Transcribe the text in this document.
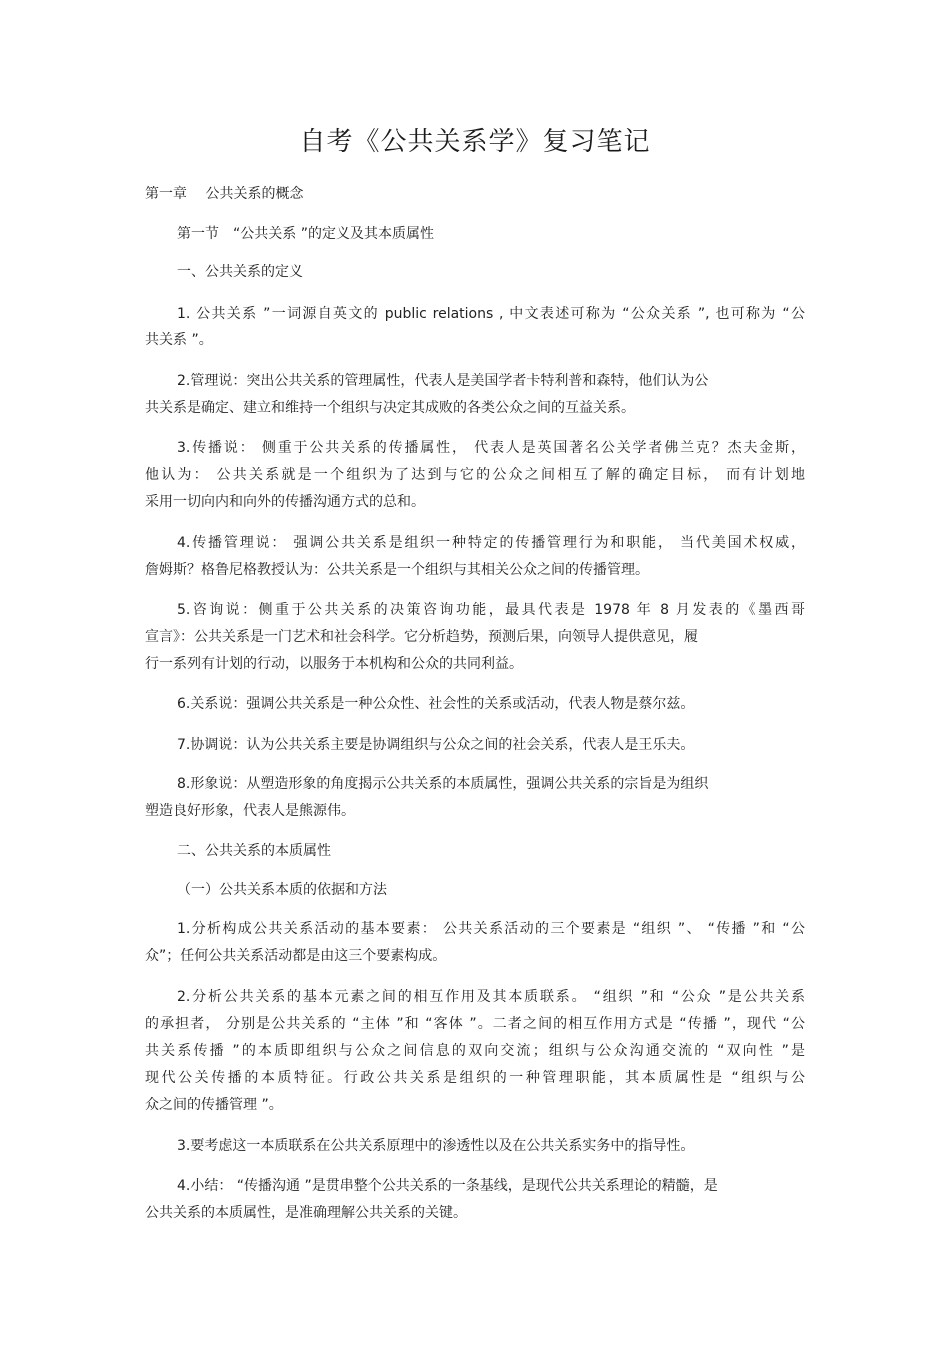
自考《公共关系学》复习笔记
第一章　 公共关系的概念
第一节　“公共关系 ”的定义及其本质属性
一、公共关系的定义
1. 公共关系 ”一词源自英文的 public relations , 中文表述可称为 “公众关系 ”, 也可称为 “公
共关系 ”。
2.管理说：突出公共关系的管理属性，代表人是美国学者卡特利普和森特，他们认为公
共关系是确定、建立和维持一个组织与决定其成败的各类公众之间的互益关系。
3.传播说： 侧重于公共关系的传播属性， 代表人是英国著名公关学者佛兰克？杰夫金斯，
他认为： 公共关系就是一个组织为了达到与它的公众之间相互了解的确定目标， 而有计划地
采用一切向内和向外的传播沟通方式的总和。
4.传播管理说： 强调公共关系是组织一种特定的传播管理行为和职能， 当代美国术权威，
詹姆斯？格鲁尼格教授认为：公共关系是一个组织与其相关公众之间的传播管理。
5.咨询说：侧重于公共关系的决策咨询功能，最具代表是 1978 年 8 月发表的《墨西哥
宣言》：公共关系是一门艺术和社会科学。它分析趋势，预测后果，向领导人提供意见，履
行一系列有计划的行动，以服务于本机构和公众的共同利益。
6.关系说：强调公共关系是一种公众性、社会性的关系或活动，代表人物是蔡尔兹。
7.协调说：认为公共关系主要是协调组织与公众之间的社会关系，代表人是王乐夫。
8.形象说：从塑造形象的角度揭示公共关系的本质属性，强调公共关系的宗旨是为组织
塑造良好形象，代表人是熊源伟。
二、公共关系的本质属性
（一）公共关系本质的依据和方法
1.分析构成公共关系活动的基本要素： 公共关系活动的三个要素是 “组织 ”、 “传播 ”和 “公
众”；任何公共关系活动都是由这三个要素构成。
2.分析公共关系的基本元素之间的相互作用及其本质联系。 “组织 ”和 “公众 ”是公共关系
的承担者， 分别是公共关系的 “主体 ”和 “客体 ”。二者之间的相互作用方式是 “传播 ”，现代 “公
共关系传播 ”的本质即组织与公众之间信息的双向交流；组织与公众沟通交流的 “双向性 ”是
现代公关传播的本质特征。行政公共关系是组织的一种管理职能，其本质属性是 “组织与公
众之间的传播管理 ”。
3.要考虑这一本质联系在公共关系原理中的渗透性以及在公共关系实务中的指导性。
4.小结： “传播沟通 ”是贯串整个公共关系的一条基线，是现代公共关系理论的精髓，是
公共关系的本质属性，是准确理解公共关系的关键。
